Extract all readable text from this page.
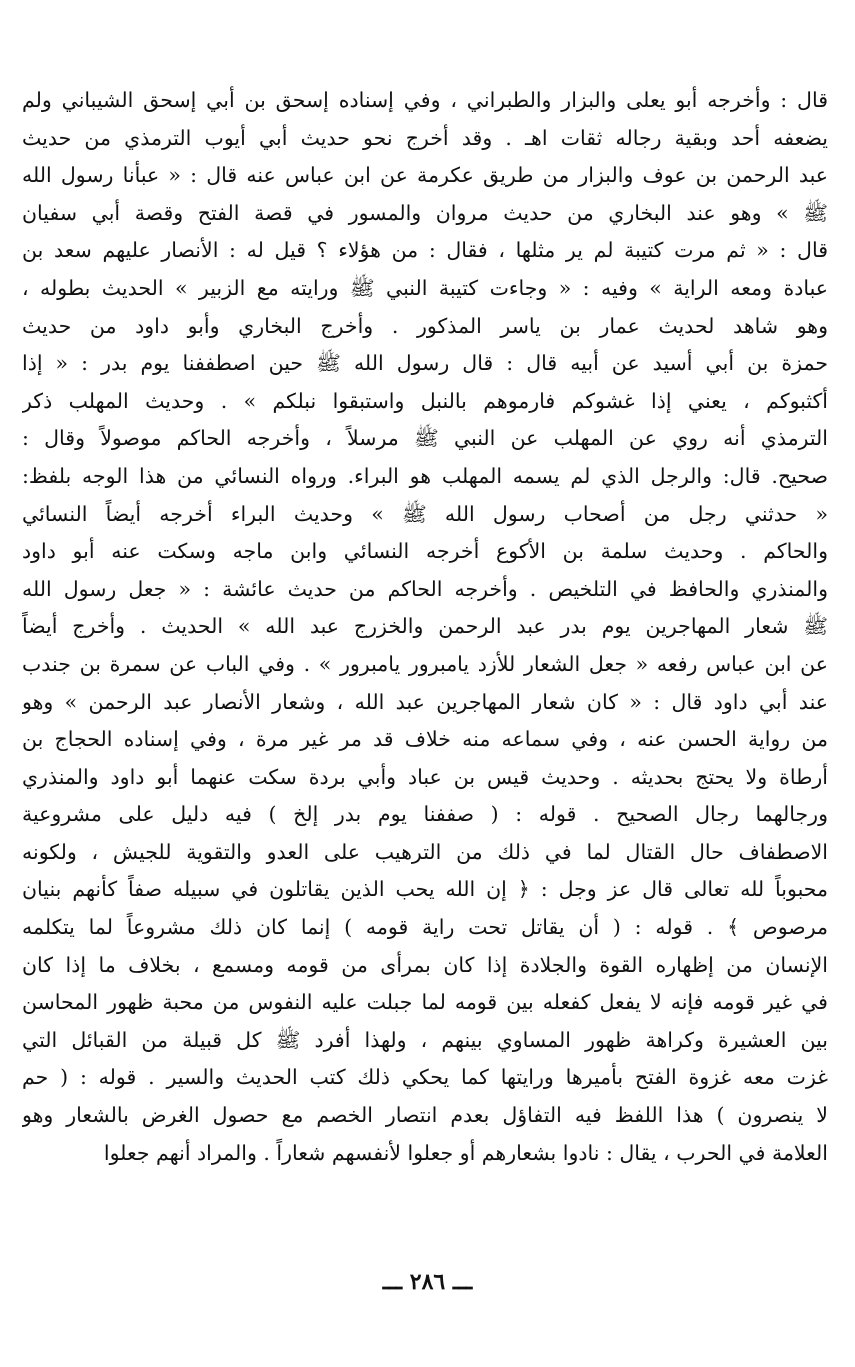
قال : وأخرجه أبو يعلى والبزار والطبراني ، وفي إسناده إسحق بن أبي إسحق الشيباني ولم
يضعفه أحد وبقية رجاله ثقات اهـ . وقد أخرج نحو حديث أبي أيوب الترمذي من حديث
عبد الرحمن بن عوف والبزار من طريق عكرمة عن ابن عباس عنه قال : « عبأنا رسول الله
ﷺ » وهو عند البخاري من حديث مروان والمسور في قصة الفتح وقصة أبي سفيان
قال : « ثم مرت كتيبة لم ير مثلها ، فقال : من هؤلاء ؟ قيل له : الأنصار عليهم سعد بن
عبادة ومعه الراية » وفيه : « وجاءت كتيبة النبي ﷺ ورايته مع الزبير » الحديث بطوله ،
وهو شاهد لحديث عمار بن ياسر المذكور . وأخرج البخاري وأبو داود من حديث
حمزة بن أبي أسيد عن أبيه قال : قال رسول الله ﷺ حين اصطففنا يوم بدر : « إذا
أكثبوكم ، يعني إذا غشوكم فارموهم بالنبل واستبقوا نبلكم » . وحديث المهلب ذكر
الترمذي أنه روي عن المهلب عن النبي ﷺ مرسلاً ، وأخرجه الحاكم موصولاً وقال :
صحيح. قال: والرجل الذي لم يسمه المهلب هو البراء. ورواه النسائي من هذا الوجه بلفظ:
« حدثني رجل من أصحاب رسول الله ﷺ » وحديث البراء أخرجه أيضاً النسائي
والحاكم . وحديث سلمة بن الأكوع أخرجه النسائي وابن ماجه وسكت عنه أبو داود
والمنذري والحافظ في التلخيص . وأخرجه الحاكم من حديث عائشة : « جعل رسول الله
ﷺ شعار المهاجرين يوم بدر عبد الرحمن والخزرج عبد الله » الحديث . وأخرج أيضاً
عن ابن عباس رفعه « جعل الشعار للأزد يامبرور يامبرور » . وفي الباب عن سمرة بن جندب
عند أبي داود قال : « كان شعار المهاجرين عبد الله ، وشعار الأنصار عبد الرحمن » وهو
من رواية الحسن عنه ، وفي سماعه منه خلاف قد مر غير مرة ، وفي إسناده الحجاج بن
أرطاة ولا يحتج بحديثه . وحديث قيس بن عباد وأبي بردة سكت عنهما أبو داود والمنذري
ورجالهما رجال الصحيح . قوله : ( صففنا يوم بدر إلخ ) فيه دليل على مشروعية
الاصطفاف حال القتال لما في ذلك من الترهيب على العدو والتقوية للجيش ، ولكونه
محبوباً لله تعالى قال عز وجل : ﴿ إن الله يحب الذين يقاتلون في سبيله صفاً كأنهم بنيان
مرصوص ﴾ . قوله : ( أن يقاتل تحت راية قومه ) إنما كان ذلك مشروعاً لما يتكلمه
الإنسان من إظهاره القوة والجلادة إذا كان بمرأى من قومه ومسمع ، بخلاف ما إذا كان
في غير قومه فإنه لا يفعل كفعله بين قومه لما جبلت عليه النفوس من محبة ظهور المحاسن
بين العشيرة وكراهة ظهور المساوي بينهم ، ولهذا أفرد ﷺ كل قبيلة من القبائل التي
غزت معه غزوة الفتح بأميرها ورايتها كما يحكي ذلك كتب الحديث والسير . قوله : ( حم
لا ينصرون ) هذا اللفظ فيه التفاؤل بعدم انتصار الخصم مع حصول الغرض بالشعار وهو
العلامة في الحرب ، يقال : نادوا بشعارهم أو جعلوا لأنفسهم شعاراً . والمراد أنهم جعلوا
ـــ ٢٨٦ ـــ
